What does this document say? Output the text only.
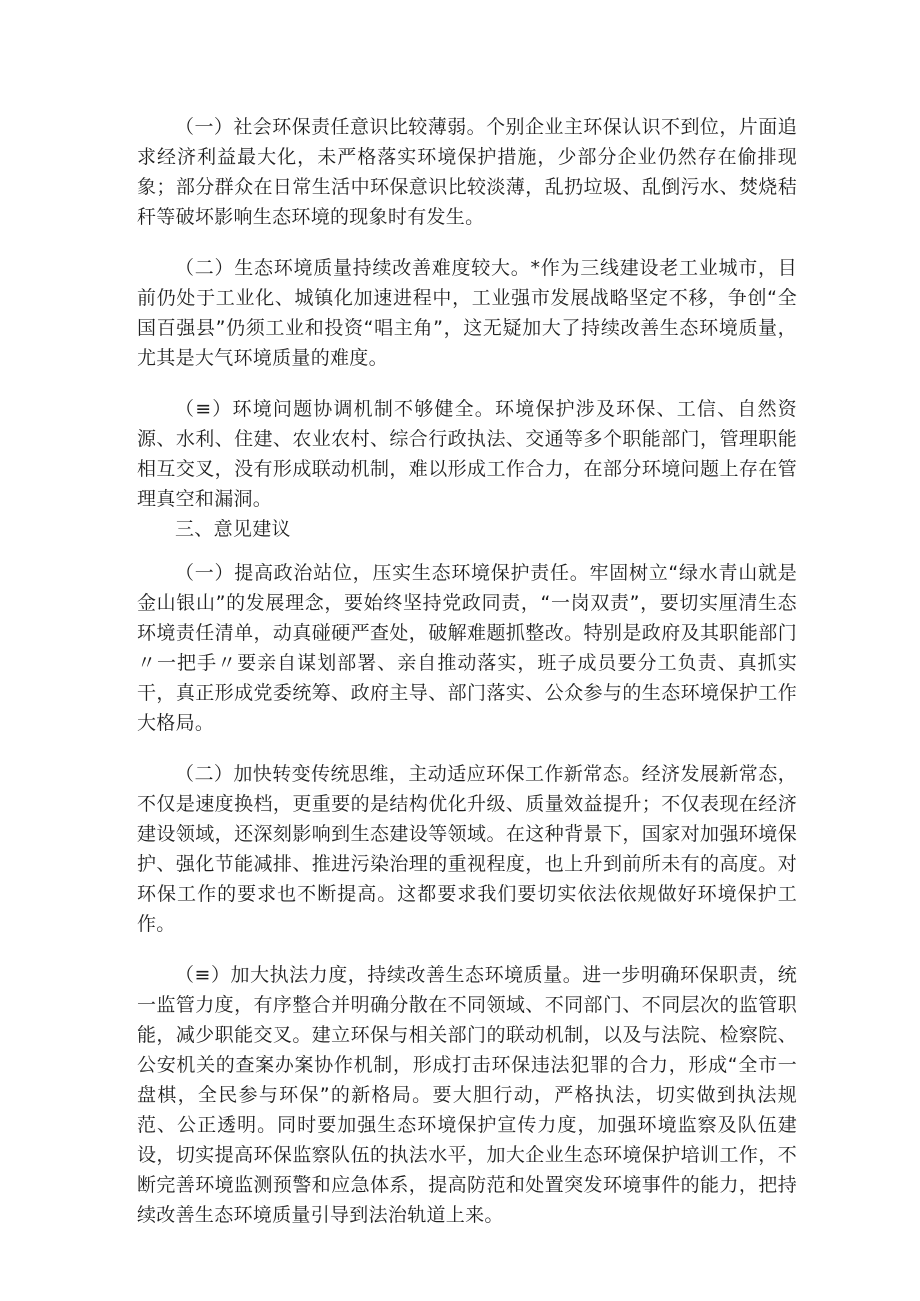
（一）社会环保责任意识比较薄弱。个别企业主环保认识不到位，片面追求经济利益最大化，未严格落实环境保护措施，少部分企业仍然存在偷排现象；部分群众在日常生活中环保意识比较淡薄，乱扔垃圾、乱倒污水、焚烧秸秆等破坏影响生态环境的现象时有发生。

（二）生态环境质量持续改善难度较大。*作为三线建设老工业城市，目前仍处于工业化、城镇化加速进程中，工业强市发展战略坚定不移，争创“全国百强县”仍须工业和投资“唱主角”，这无疑加大了持续改善生态环境质量，尤其是大气环境质量的难度。

（≡）环境问题协调机制不够健全。环境保护涉及环保、工信、自然资源、水利、住建、农业农村、综合行政执法、交通等多个职能部门，管理职能相互交叉，没有形成联动机制，难以形成工作合力，在部分环境问题上存在管理真空和漏洞。

三、意见建议

（一）提高政治站位，压实生态环境保护责任。牢固树立“绿水青山就是金山银山”的发展理念，要始终坚持党政同责，“一岗双责”，要切实厘清生态环境责任清单，动真碰硬严查处，破解难题抓整改。特别是政府及其职能部门〃一把手〃要亲自谋划部署、亲自推动落实，班子成员要分工负责、真抓实干，真正形成党委统筹、政府主导、部门落实、公众参与的生态环境保护工作大格局。

（二）加快转变传统思维，主动适应环保工作新常态。经济发展新常态，不仅是速度换档，更重要的是结构优化升级、质量效益提升；不仅表现在经济建设领域，还深刻影响到生态建设等领域。在这种背景下，国家对加强环境保护、强化节能减排、推进污染治理的重视程度，也上升到前所未有的高度。对环保工作的要求也不断提高。这都要求我们要切实依法依规做好环境保护工作。

（≡）加大执法力度，持续改善生态环境质量。进一步明确环保职责，统一监管力度，有序整合并明确分散在不同领域、不同部门、不同层次的监管职能，减少职能交叉。建立环保与相关部门的联动机制，以及与法院、检察院、公安机关的查案办案协作机制，形成打击环保违法犯罪的合力，形成“全市一盘棋，全民参与环保”的新格局。要大胆行动，严格执法，切实做到执法规范、公正透明。同时要加强生态环境保护宣传力度，加强环境监察及队伍建设，切实提高环保监察队伍的执法水平，加大企业生态环境保护培训工作，不断完善环境监测预警和应急体系，提高防范和处置突发环境事件的能力，把持续改善生态环境质量引导到法治轨道上来。
